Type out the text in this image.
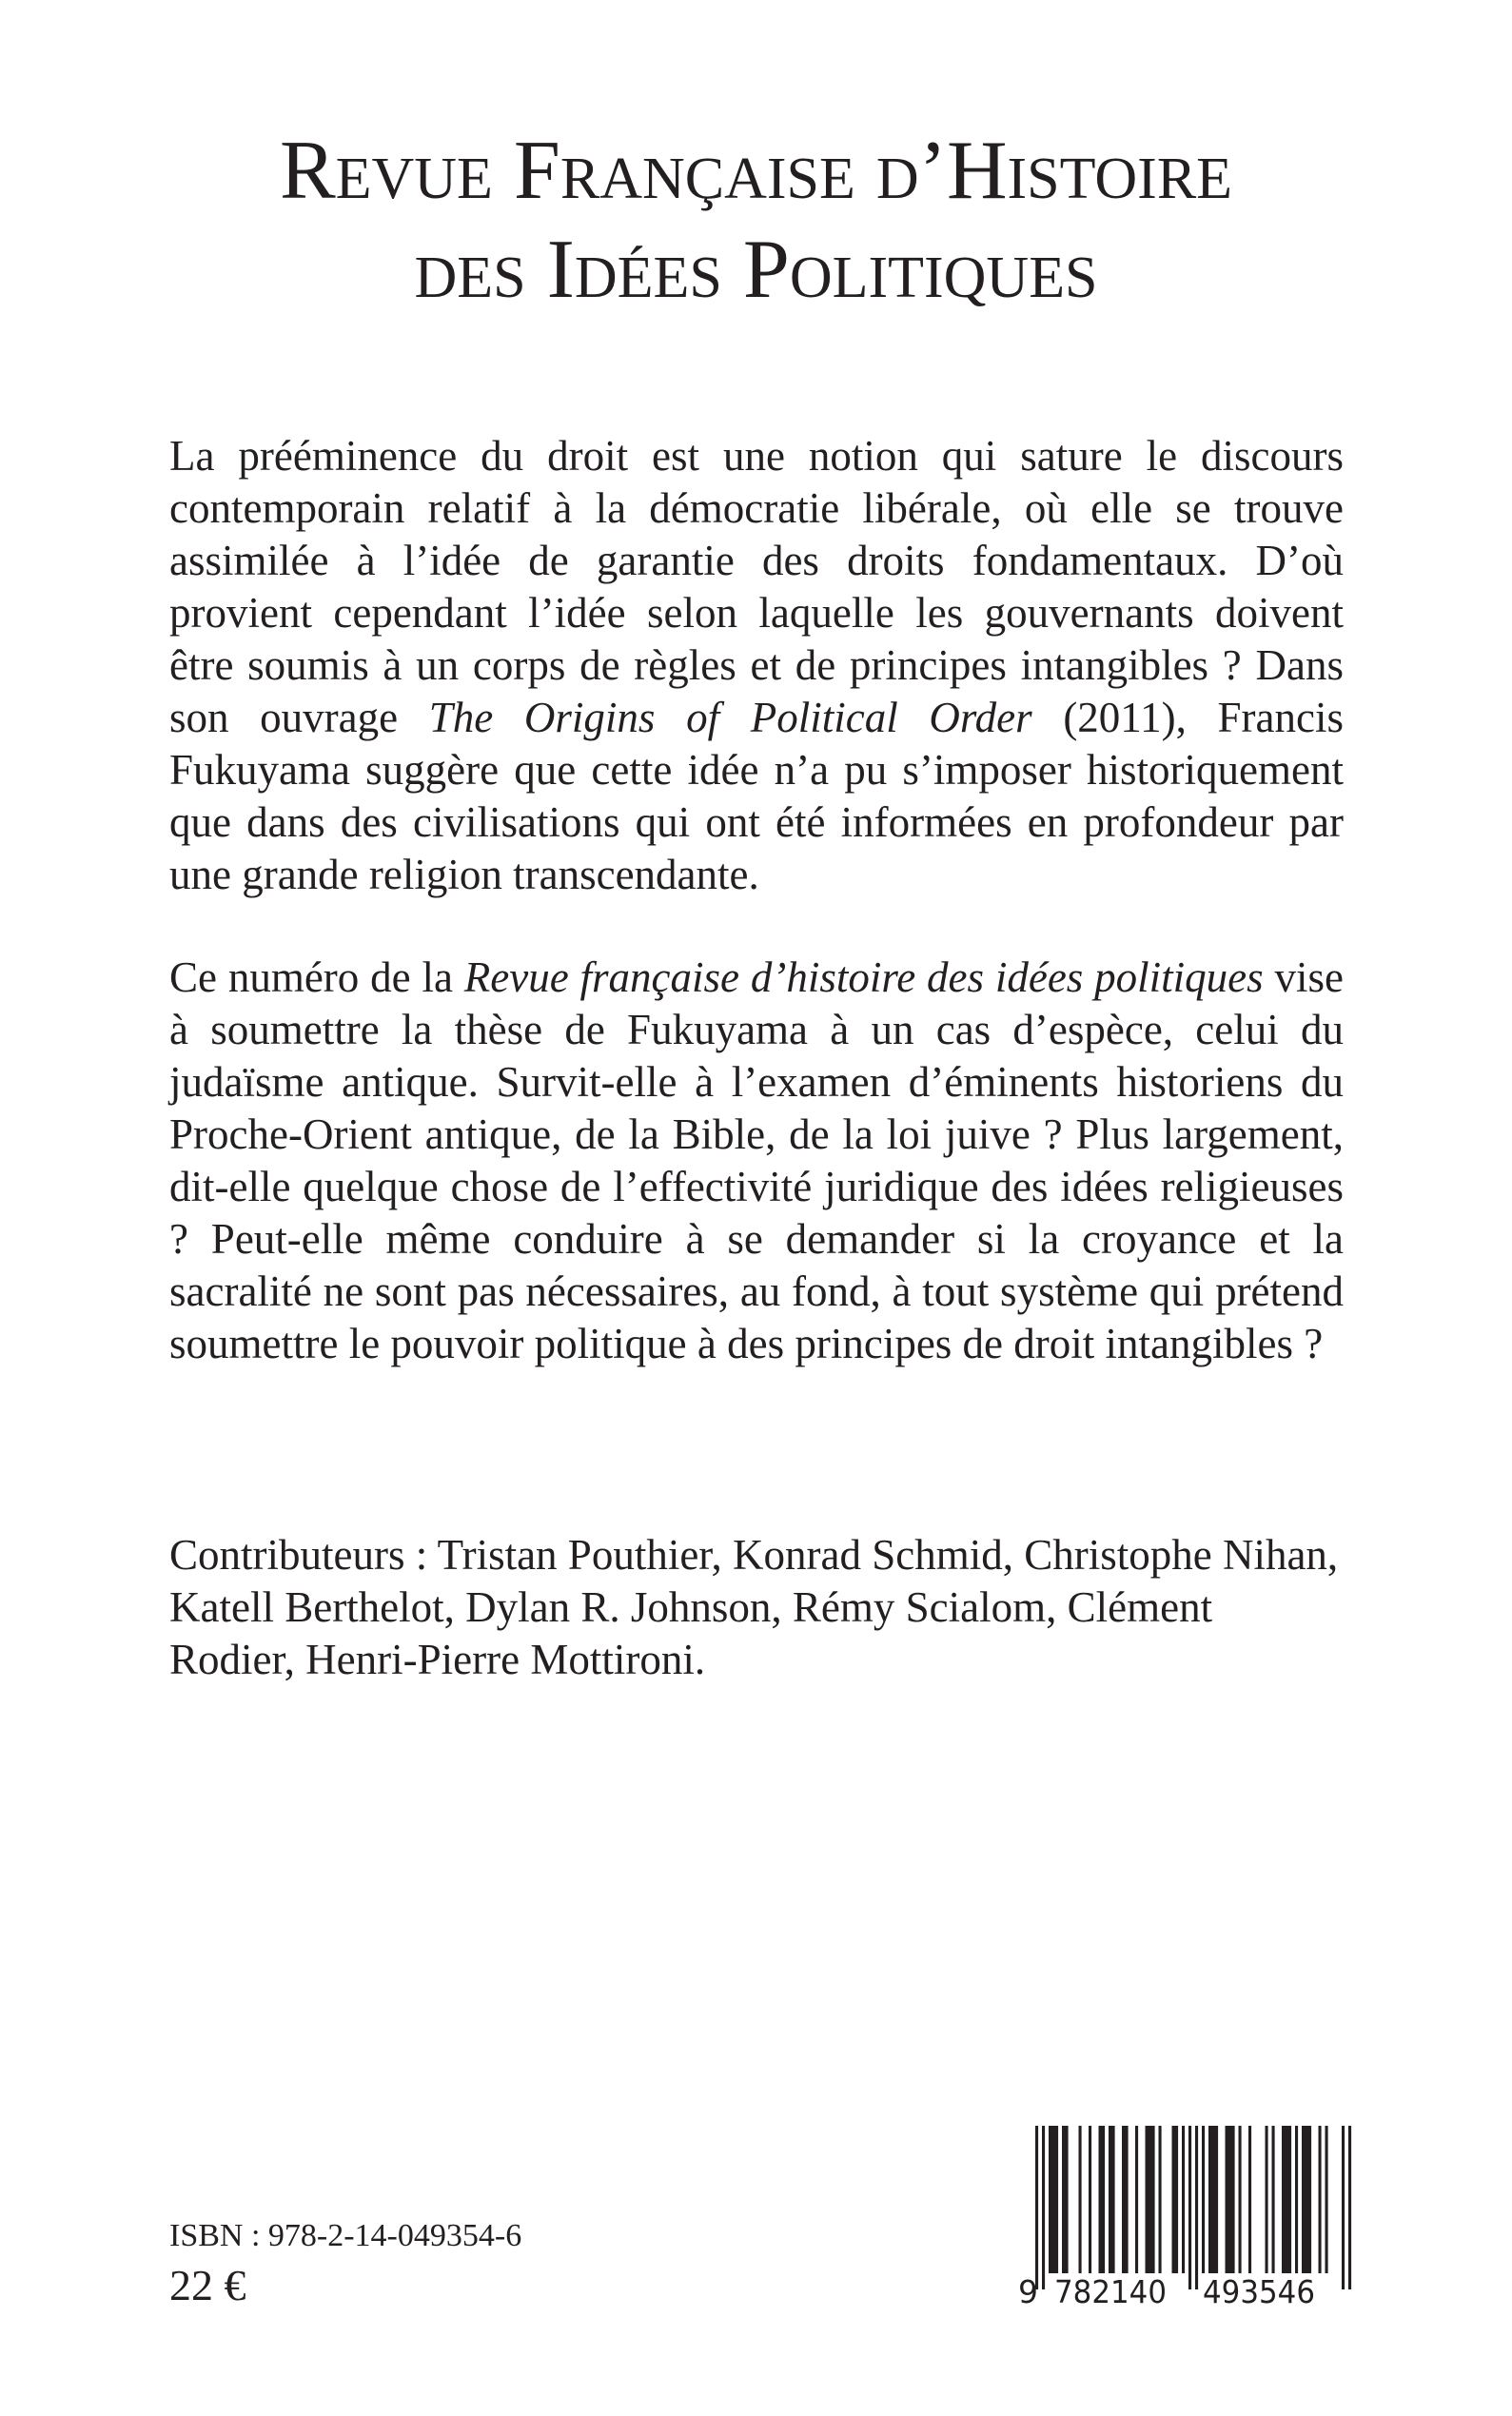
Revue Française d’Histoire
des Idées Politiques

La prééminence du droit est une notion qui sature le discours contemporain relatif à la démocratie libérale, où elle se trouve assimilée à l’idée de garantie des droits fondamentaux. D’où provient cependant l’idée selon laquelle les gouvernants doivent être soumis à un corps de règles et de principes intangibles ? Dans son ouvrage The Origins of Political Order (2011), Francis Fukuyama suggère que cette idée n’a pu s’imposer historiquement que dans des civilisations qui ont été informées en profondeur par une grande religion transcendante.

Ce numéro de la Revue française d’histoire des idées politiques vise à soumettre la thèse de Fukuyama à un cas d’espèce, celui du judaïsme antique. Survit-elle à l’examen d’éminents historiens du Proche-Orient antique, de la Bible, de la loi juive ? Plus largement, dit-elle quelque chose de l’effectivité juridique des idées religieuses ? Peut-elle même conduire à se demander si la croyance et la sacralité ne sont pas nécessaires, au fond, à tout système qui prétend soumettre le pouvoir politique à des principes de droit intangibles ?

Contributeurs : Tristan Pouthier, Konrad Schmid, Christophe Nihan, Katell Berthelot, Dylan R. Johnson, Rémy Scialom, Clément Rodier, Henri-Pierre Mottironi.

ISBN : 978-2-14-049354-6
22 €	9 782140 493546
